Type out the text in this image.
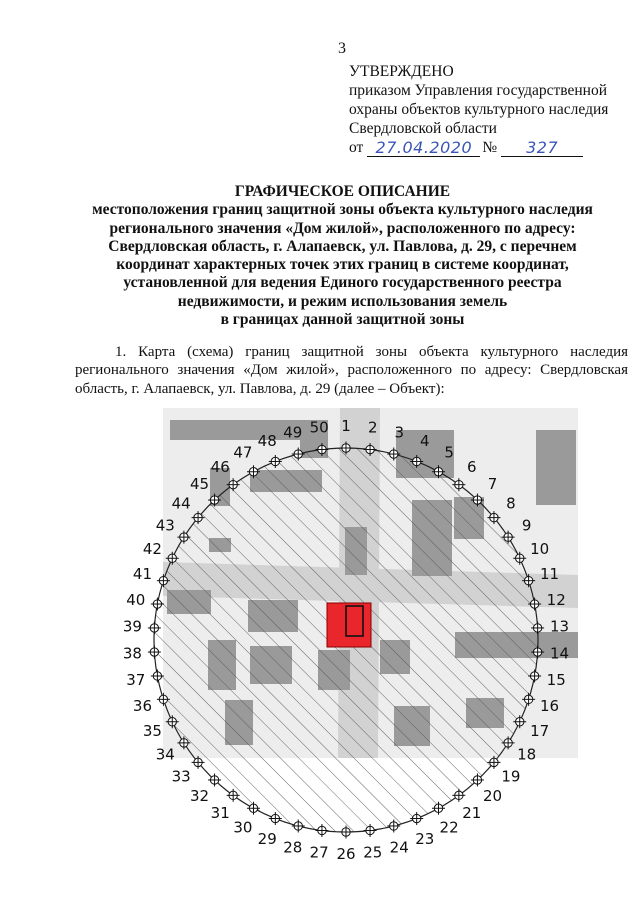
3
УТВЕРЖДЕНО
приказом Управления государственной
охраны объектов культурного наследия
Свердловской области
от 27.04.2020 №	327
ГРАФИЧЕСКОЕ ОПИСАНИЕ
местоположения границ защитной зоны объекта культурного наследия
регионального значения «Дом жилой», расположенного по адресу:
Свердловская область, г. Алапаевск, ул. Павлова, д. 29, с перечнем
координат характерных точек этих границ в системе координат,
установленной для ведения Единого государственного реестра
недвижимости, и режим использования земель
в границах данной защитной зоны
1. Карта (схема) границ защитной зоны объекта культурного наследия регионального значения «Дом жилой», расположенного по адресу: Свердловская область, г. Алапаевск, ул. Павлова, д. 29 (далее – Объект):
1 2 3 4
5
6
7
8
9
10
11
12
13
14
15
16
17
18
19
20
21
22
23
24
25
26
27
28
29
30
31
32
33
34
35
36
37
38
39
40
41
42
43
44
45
46
47
48 49 50
